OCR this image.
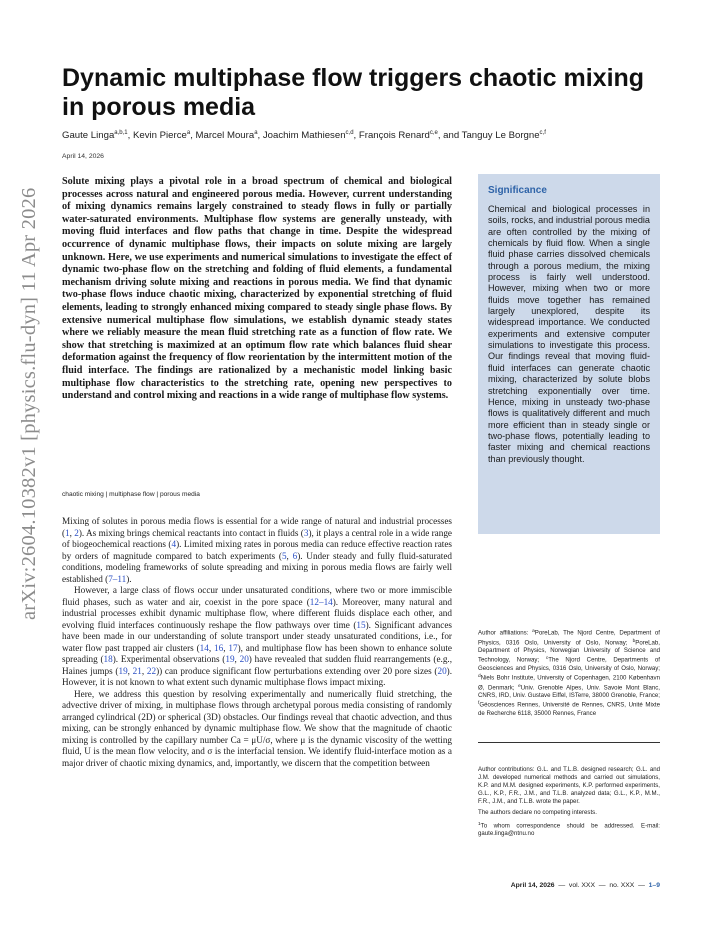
arXiv:2604.10382v1 [physics.flu-dyn] 11 Apr 2026
Dynamic multiphase flow triggers chaotic mixing in porous media
Gaute Linga$^{a,b,1}$, Kevin Pierce$^a$, Marcel Moura$^a$, Joachim Mathiesen$^{c,d}$, François Renard$^{c,e}$, and Tanguy Le Borgne$^{c,f}$
April 14, 2026
Solute mixing plays a pivotal role in a broad spectrum of chemical and biological processes across natural and engineered porous media. However, current understanding of mixing dynamics remains largely constrained to steady flows in fully or partially water-saturated environments. Multiphase flow systems are generally unsteady, with moving fluid interfaces and flow paths that change in time. Despite the widespread occurrence of dynamic multiphase flows, their impacts on solute mixing are largely unknown. Here, we use experiments and numerical simulations to investigate the effect of dynamic two-phase flow on the stretching and folding of fluid elements, a fundamental mechanism driving solute mixing and reactions in porous media. We find that dynamic two-phase flows induce chaotic mixing, characterized by exponential stretching of fluid elements, leading to strongly enhanced mixing compared to steady single phase flows. By extensive numerical multiphase flow simulations, we establish dynamic steady states where we reliably measure the mean fluid stretching rate as a function of flow rate. We show that stretching is maximized at an optimum flow rate which balances fluid shear deformation against the frequency of flow reorientation by the intermittent motion of the fluid interface. The findings are rationalized by a mechanistic model linking basic multiphase flow characteristics to the stretching rate, opening new perspectives to understand and control mixing and reactions in a wide range of multiphase flow systems.
chaotic mixing | multiphase flow | porous media

Mixing of solutes in porous media flows is essential for a wide range of natural and industrial processes (1, 2). As mixing brings chemical reactants into contact in fluids (3), it plays a central role in a wide range of biogeochemical reactions (4). Limited mixing rates in porous media can reduce effective reaction rates by orders of magnitude compared to batch experiments (5, 6). Under steady and fully fluid-saturated conditions, modeling frameworks of solute spreading and mixing in porous media flows are fairly well established (7–11).

However, a large class of flows occur under unsaturated conditions, where two or more immiscible fluid phases, such as water and air, coexist in the pore space (12–14). Moreover, many natural and industrial processes exhibit dynamic multiphase flow, where different fluids displace each other, and evolving fluid interfaces continuously reshape the flow pathways over time (15). Significant advances have been made in our understanding of solute transport under steady unsaturated conditions, i.e., for water flow past trapped air clusters (14, 16, 17), and multiphase flow has been shown to enhance solute spreading (18). Experimental observations (19, 20) have revealed that sudden fluid rearrangements (e.g., Haines jumps (19, 21, 22)) can produce significant flow perturbations extending over 20 pore sizes (20). However, it is not known to what extent such dynamic multiphase flows impact mixing.

Here, we address this question by resolving experimentally and numerically fluid stretching, the advective driver of mixing, in multiphase flows through archetypal porous media consisting of randomly arranged cylindrical (2D) or spherical (3D) obstacles. Our findings reveal that chaotic advection, and thus mixing, can be strongly enhanced by dynamic multiphase flow. We show that the magnitude of chaotic mixing is controlled by the capillary number Ca = μU/σ, where μ is the dynamic viscosity of the wetting fluid, U is the mean flow velocity, and σ is the interfacial tension. We identify fluid-interface motion as a major driver of chaotic mixing dynamics, and, importantly, we discern that the competition between

Significance
Chemical and biological processes in soils, rocks, and industrial porous media are often controlled by the mixing of chemicals by fluid flow. When a single fluid phase carries dissolved chemicals through a porous medium, the mixing process is fairly well understood. However, mixing when two or more fluids move together has remained largely unexplored, despite its widespread importance. We conducted experiments and extensive computer simulations to investigate this process. Our findings reveal that moving fluid-fluid interfaces can generate chaotic mixing, characterized by solute blobs stretching exponentially over time. Hence, mixing in unsteady two-phase flows is qualitatively different and much more efficient than in steady single or two-phase flows, potentially leading to faster mixing and chemical reactions than previously thought.
Author affiliations: $^a$PoreLab, The Njord Centre, Department of Physics, 0316 Oslo, University of Oslo, Norway; $^b$PoreLab, Department of Physics, Norwegian University of Science and Technology, Norway; $^c$The Njord Centre, Departments of Geosciences and Physics, 0316 Oslo, University of Oslo, Norway; $^d$Niels Bohr Institute, University of Copenhagen, 2100 København Ø, Denmark; $^e$Univ. Grenoble Alpes, Univ. Savoie Mont Blanc, CNRS, IRD, Univ. Gustave Eiffel, ISTerre, 38000 Grenoble, France; $^f$Géosciences Rennes, Université de Rennes, CNRS, Unité Mixte de Recherche 6118, 35000 Rennes, France
Author contributions: G.L. and T.L.B. designed research; G.L. and J.M. developed numerical methods and carried out simulations, K.P. and M.M. designed experiments, K.P. performed experiments, G.L., K.P., F.R., J.M., and T.L.B. analyzed data; G.L., K.P., M.M., F.R., J.M., and T.L.B. wrote the paper.
The authors declare no competing interests.
$^1$To whom correspondence should be addressed. E-mail: gaute.linga@ntnu.no
April 14, 2026 — vol. XXX — no. XXX — 1–9
